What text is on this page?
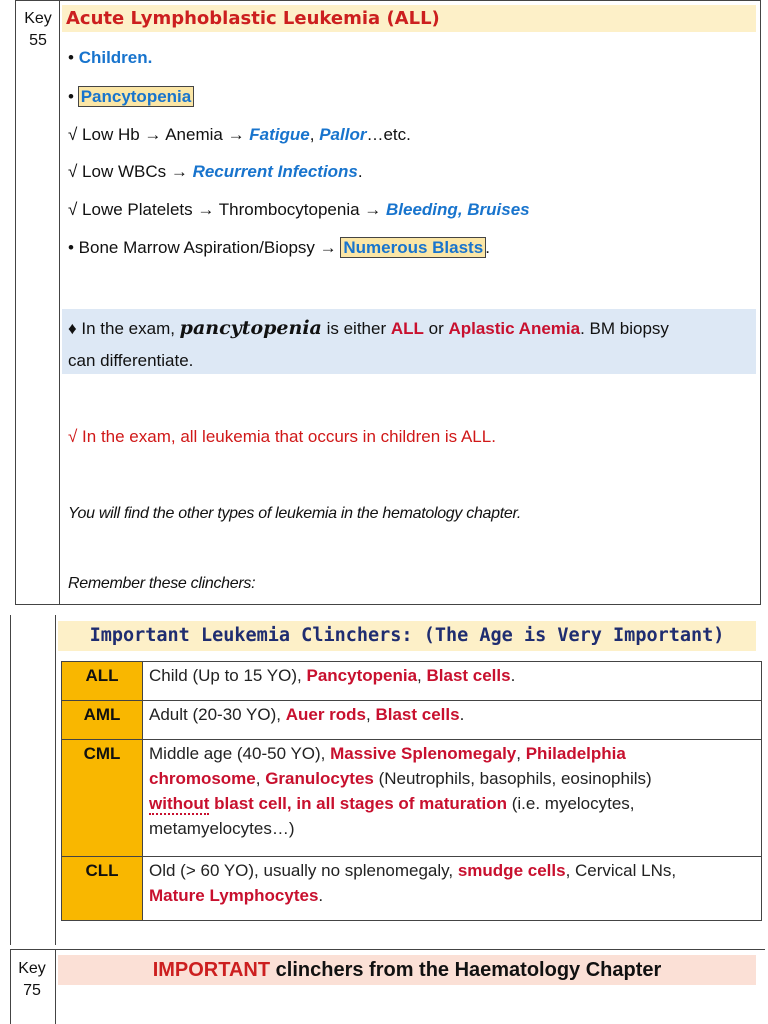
Key
55
Acute Lymphoblastic Leukemia (ALL)
• Children.
• Pancytopenia
√ Low Hb → Anemia → Fatigue, Pallor…etc.
√ Low WBCs → Recurrent Infections.
√ Lowe Platelets → Thrombocytopenia → Bleeding, Bruises
• Bone Marrow Aspiration/Biopsy → Numerous Blasts .
♦ In the exam, pancytopenia is either ALL or Aplastic Anemia. BM biopsy
can differentiate.
√ In the exam, all leukemia that occurs in children is ALL.
You will find the other types of leukemia in the hematology chapter.
Remember these clinchers:
Important Leukemia Clinchers: (The Age is Very Important)
ALL	Child (Up to 15 YO), Pancytopenia, Blast cells.
AML	Adult (20-30 YO), Auer rods, Blast cells.
CML	Middle age (40-50 YO), Massive Splenomegaly, Philadelphia
chromosome, Granulocytes (Neutrophils, basophils, eosinophils)
without blast cell, in all stages of maturation (i.e. myelocytes,
metamyelocytes…)

CLL	Old (> 60 YO), usually no splenomegaly, smudge cells, Cervical LNs,
Mature Lymphocytes.
Key
75
IMPORTANT clinchers from the Haematology Chapter
